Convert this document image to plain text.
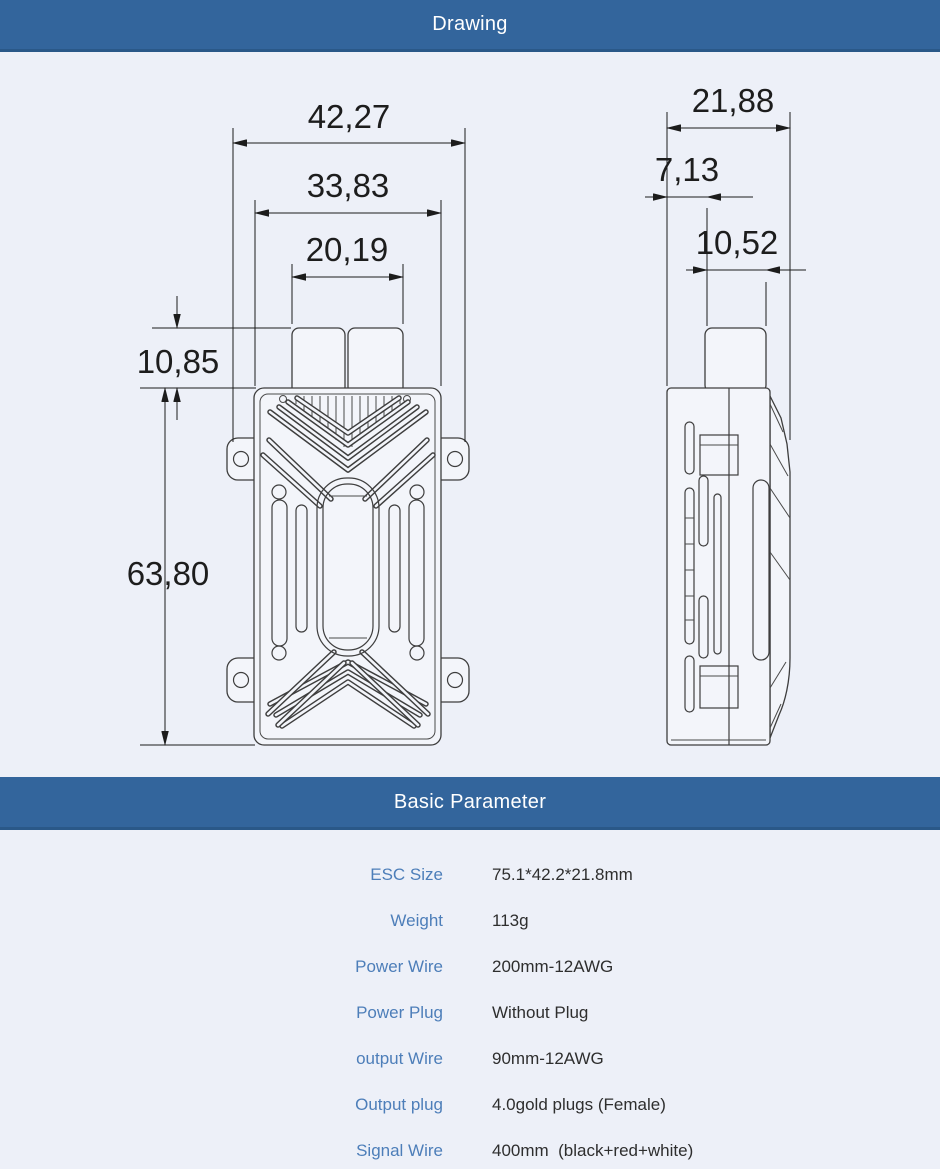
Drawing
42,27
33,83
20,19
10,85
63,80
21,88
7,13
10,52
Basic Parameter
ESC Size	75.1*42.2*21.8mm
Weight	113g
Power Wire	200mm-12AWG
Power Plug	Without Plug
output Wire	90mm-12AWG
Output plug	4.0gold plugs (Female)
Signal Wire	400mm  (black+red+white)
